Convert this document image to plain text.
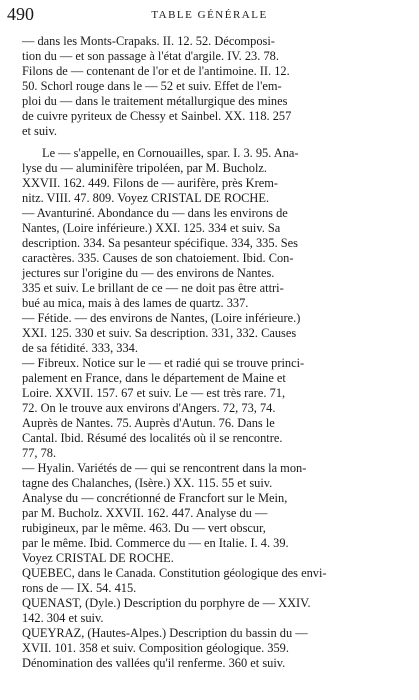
490	TABLE GÉNÉRALE
— dans les Monts-Crapaks. II. 12. 52. Décomposi-
tion du — et son passage à l'état d'argile. IV. 23. 78.
Filons de — contenant de l'or et de l'antimoine. II. 12.
50. Schorl rouge dans le — 52 et suiv. Effet de l'em-
ploi du — dans le traitement métallurgique des mines
de cuivre pyriteux de Chessy et Sainbel. XX. 118. 257
et suiv.
Le — s'appelle, en Cornouailles, spar. I. 3. 95. Ana-
lyse du — aluminifère tripoléen, par M. Bucholz.
XXVII. 162. 449. Filons de — aurifère, près Krem-
nitz. VIII. 47. 809. Voyez CRISTAL DE ROCHE.
— Avanturiné. Abondance du — dans les environs de
Nantes, (Loire inférieure.) XXI. 125. 334 et suiv. Sa
description. 334. Sa pesanteur spécifique. 334, 335. Ses
caractères. 335. Causes de son chatoiement. Ibid. Con-
jectures sur l'origine du — des environs de Nantes.
335 et suiv. Le brillant de ce — ne doit pas être attri-
bué au mica, mais à des lames de quartz. 337.
— Fétide. — des environs de Nantes, (Loire inférieure.)
XXI. 125. 330 et suiv. Sa description. 331, 332. Causes
de sa fétidité. 333, 334.
— Fibreux. Notice sur le — et radié qui se trouve princi-
palement en France, dans le département de Maine et
Loire. XXVII. 157. 67 et suiv. Le — est très rare. 71,
72. On le trouve aux environs d'Angers. 72, 73, 74.
Auprès de Nantes. 75. Auprès d'Autun. 76. Dans le
Cantal. Ibid. Résumé des localités où il se rencontre.
77, 78.
— Hyalin. Variétés de — qui se rencontrent dans la mon-
tagne des Chalanches, (Isère.) XX. 115. 55 et suiv.
Analyse du — concrétionné de Francfort sur le Mein,
par M. Bucholz. XXVII. 162. 447. Analyse du —
rubigineux, par le même. 463. Du — vert obscur,
par le même. Ibid. Commerce du — en Italie. I. 4. 39.
Voyez CRISTAL DE ROCHE.
QUEBEC, dans le Canada. Constitution géologique des envi-
rons de — IX. 54. 415.
QUENAST, (Dyle.) Description du porphyre de — XXIV.
142. 304 et suiv.
QUEYRAZ, (Hautes-Alpes.) Description du bassin du —
XVII. 101. 358 et suiv. Composition géologique. 359.
Dénomination des vallées qu'il renferme. 360 et suiv.
